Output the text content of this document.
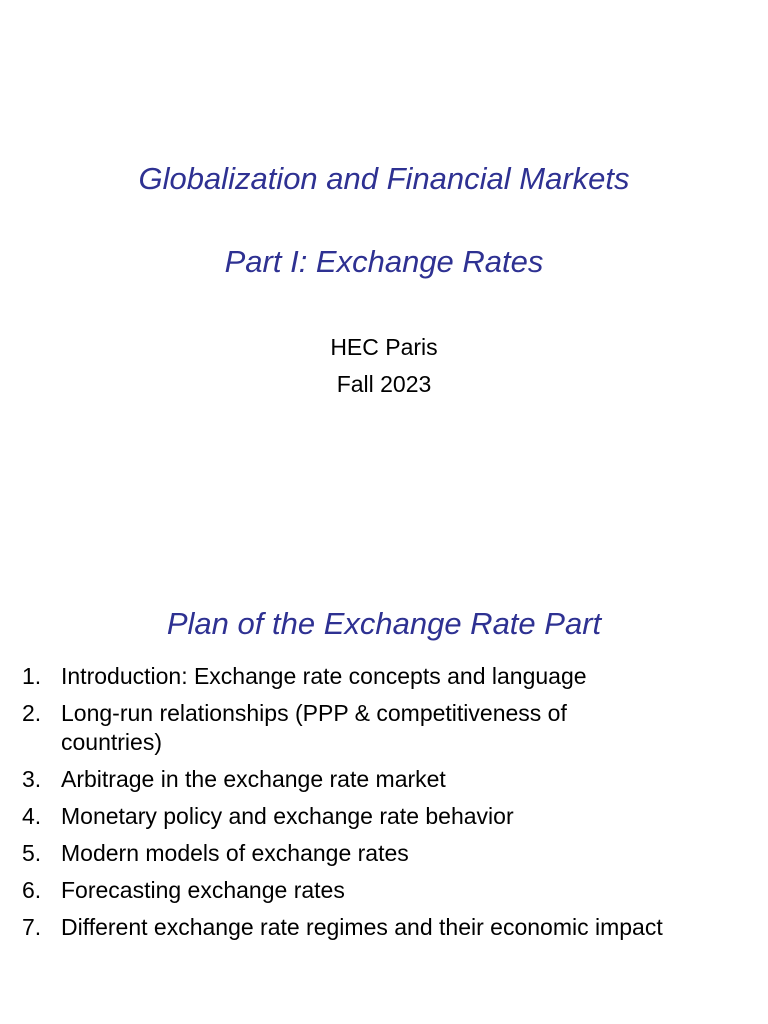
Globalization and Financial Markets
Part I: Exchange Rates
HEC Paris
Fall 2023
Plan of the Exchange Rate Part
1. Introduction: Exchange rate concepts and language
2. Long-run relationships (PPP & competitiveness of countries)
3. Arbitrage in the exchange rate market
4. Monetary policy and exchange rate behavior
5. Modern models of exchange rates
6. Forecasting exchange rates
7. Different exchange rate regimes and their economic impact
